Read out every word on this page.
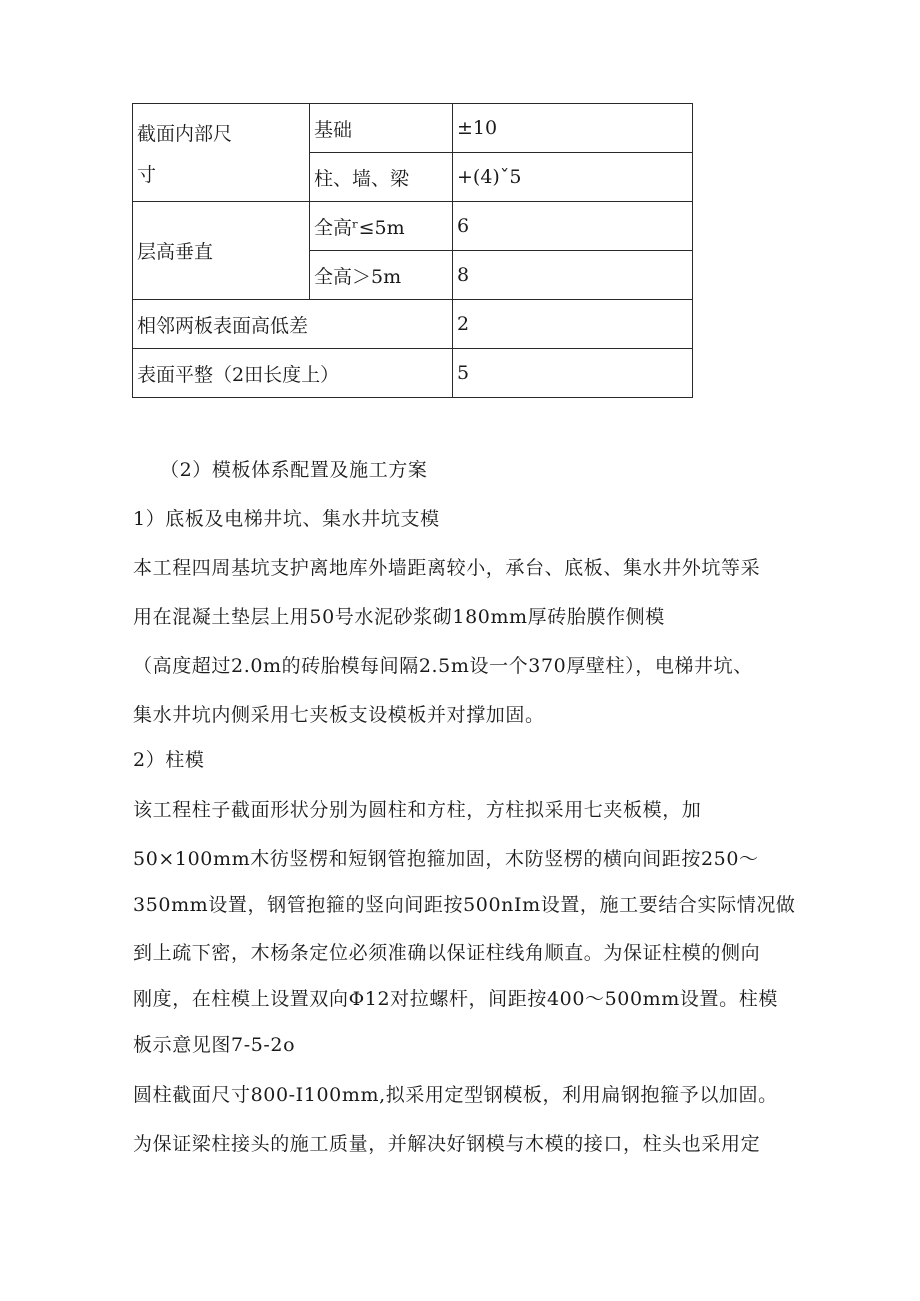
截面内部尺
寸	基础	±10
	柱、墙、梁	+(4)ˇ5
层高垂直	全高ʳ≤5m	6
	全高＞5m	8
相邻两板表面高低差		2
表面平整（2田长度上）		5
（2）模板体系配置及施工方案
1）底板及电梯井坑、集水井坑支模
本工程四周基坑支护离地库外墙距离较小，承台、底板、集水井外坑等采
用在混凝土垫层上用50号水泥砂浆砌180mm厚砖胎膜作侧模
（高度超过2.0m的砖胎模每间隔2.5m设一个370厚壁柱），电梯井坑、
集水井坑内侧采用七夹板支设模板并对撑加固。
2）柱模
该工程柱子截面形状分别为圆柱和方柱，方柱拟采用七夹板模，加
50×100mm木彷竖楞和短钢管抱箍加固，木防竖楞的横向间距按250～
350mm设置，钢管抱箍的竖向间距按500nIm设置，施工要结合实际情况做
到上疏下密，木杨条定位必须准确以保证柱线角顺直。为保证柱模的侧向
刚度，在柱模上设置双向Φ12对拉螺杆，间距按400～500mm设置。柱模
板示意见图7-5-2o
圆柱截面尺寸800-I100mm,拟采用定型钢模板，利用扁钢抱箍予以加固。
为保证梁柱接头的施工质量，并解决好钢模与木模的接口，柱头也采用定
